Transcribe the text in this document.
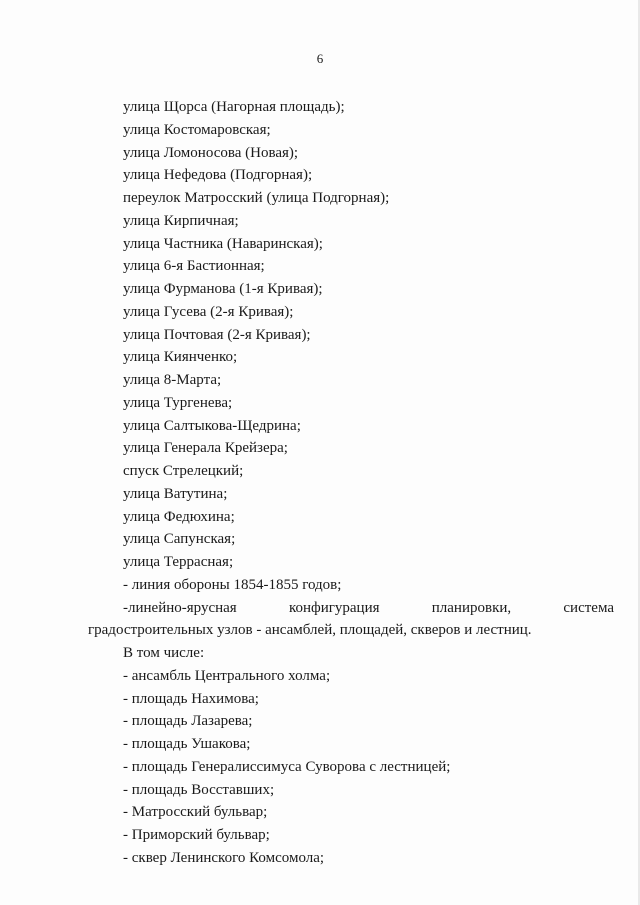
6
улица Щорса (Нагорная площадь);
улица Костомаровская;
улица Ломоносова (Новая);
улица Нефедова (Подгорная);
переулок Матросский (улица Подгорная);
улица Кирпичная;
улица Частника (Наваринская);
улица 6-я Бастионная;
улица Фурманова (1-я Кривая);
улица Гусева (2-я Кривая);
улица Почтовая (2-я Кривая);
улица Киянченко;
улица 8-Марта;
улица Тургенева;
улица Салтыкова-Щедрина;
улица Генерала Крейзера;
спуск Стрелецкий;
улица Ватутина;
улица Федюхина;
улица Сапунская;
улица Террасная;
- линия обороны 1854-1855 годов;
-линейно-ярусная конфигурация планировки, система
градостроительных узлов - ансамблей, площадей, скверов и лестниц.
В том числе:
- ансамбль Центрального холма;
- площадь Нахимова;
- площадь Лазарева;
- площадь Ушакова;
- площадь Генералиссимуса Суворова с лестницей;
- площадь Восставших;
- Матросский бульвар;
- Приморский бульвар;
- сквер Ленинского Комсомола;
